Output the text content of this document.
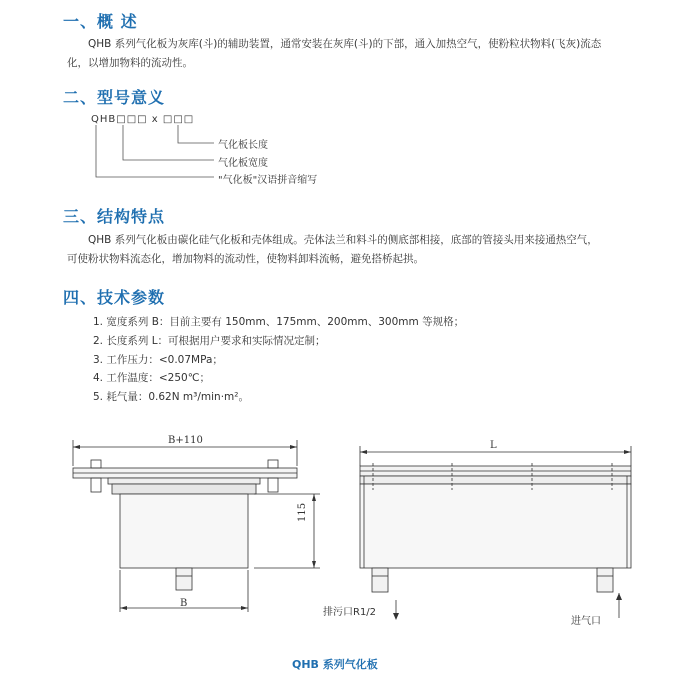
一、概 述
QHB 系列气化板为灰库(斗)的辅助装置，通常安装在灰库(斗)的下部，通入加热空气，使粉粒状物料(飞灰)流态
化，以增加物料的流动性。
二、型号意义
QHB□□□ x □□□
气化板长度
气化板宽度
"气化板"汉语拼音缩写
三、结构特点
QHB 系列气化板由碳化硅气化板和壳体组成。壳体法兰和料斗的侧底部相接，底部的管接头用来接通热空气，
可使粉状物料流态化，增加物料的流动性，使物料卸料流畅，避免搭桥起拱。
四、技术参数
1. 宽度系列 B：目前主要有 150mm、175mm、200mm、300mm 等规格；
2. 长度系列 L：可根据用户要求和实际情况定制；
3. 工作压力：<0.07MPa；
4. 工作温度：<250℃；
5. 耗气量：0.62N m³/min·m²。
B+110
115
B
L
排污口R1/2
进气口
QHB 系列气化板
